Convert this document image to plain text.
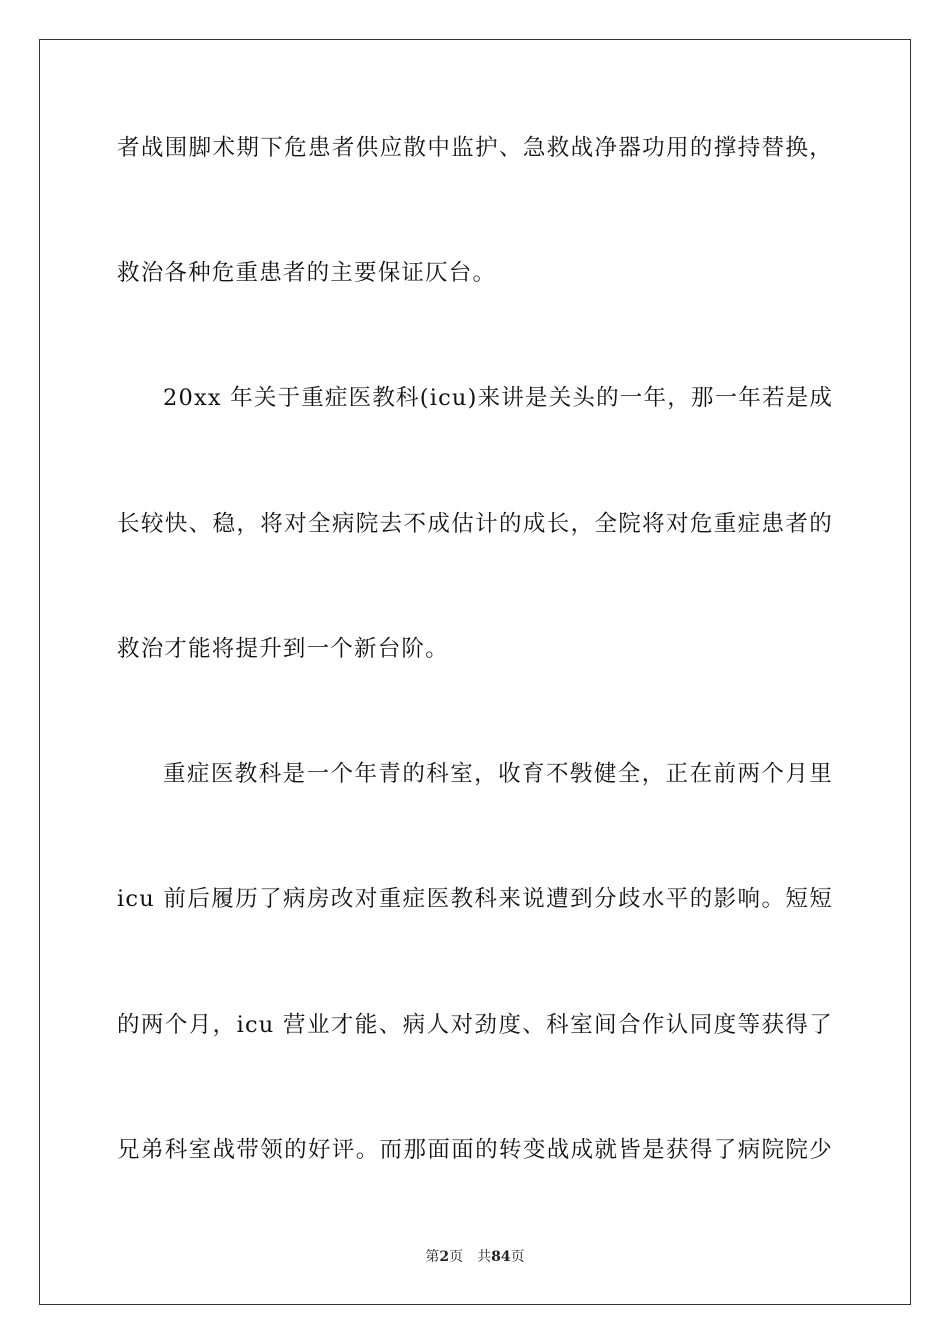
者战围脚术期下危患者供应散中监护、急救战净器功用的撑持替换，
救治各种危重患者的主要保证仄台。
20xx 年关于重症医教科(icu)来讲是关头的一年，那一年若是成
长较快、稳，将对全病院去不成估计的成长，全院将对危重症患者的
救治才能将提升到一个新台阶。
重症医教科是一个年青的科室，收育不斅健全，正在前两个月里
icu 前后履历了病房改对重症医教科来说遭到分歧水平的影响。短短
的两个月，icu 营业才能、病人对劲度、科室间合作认同度等获得了
兄弟科室战带领的好评。而那面面的转变战成就皆是获得了病院院少
第2页 共84页
